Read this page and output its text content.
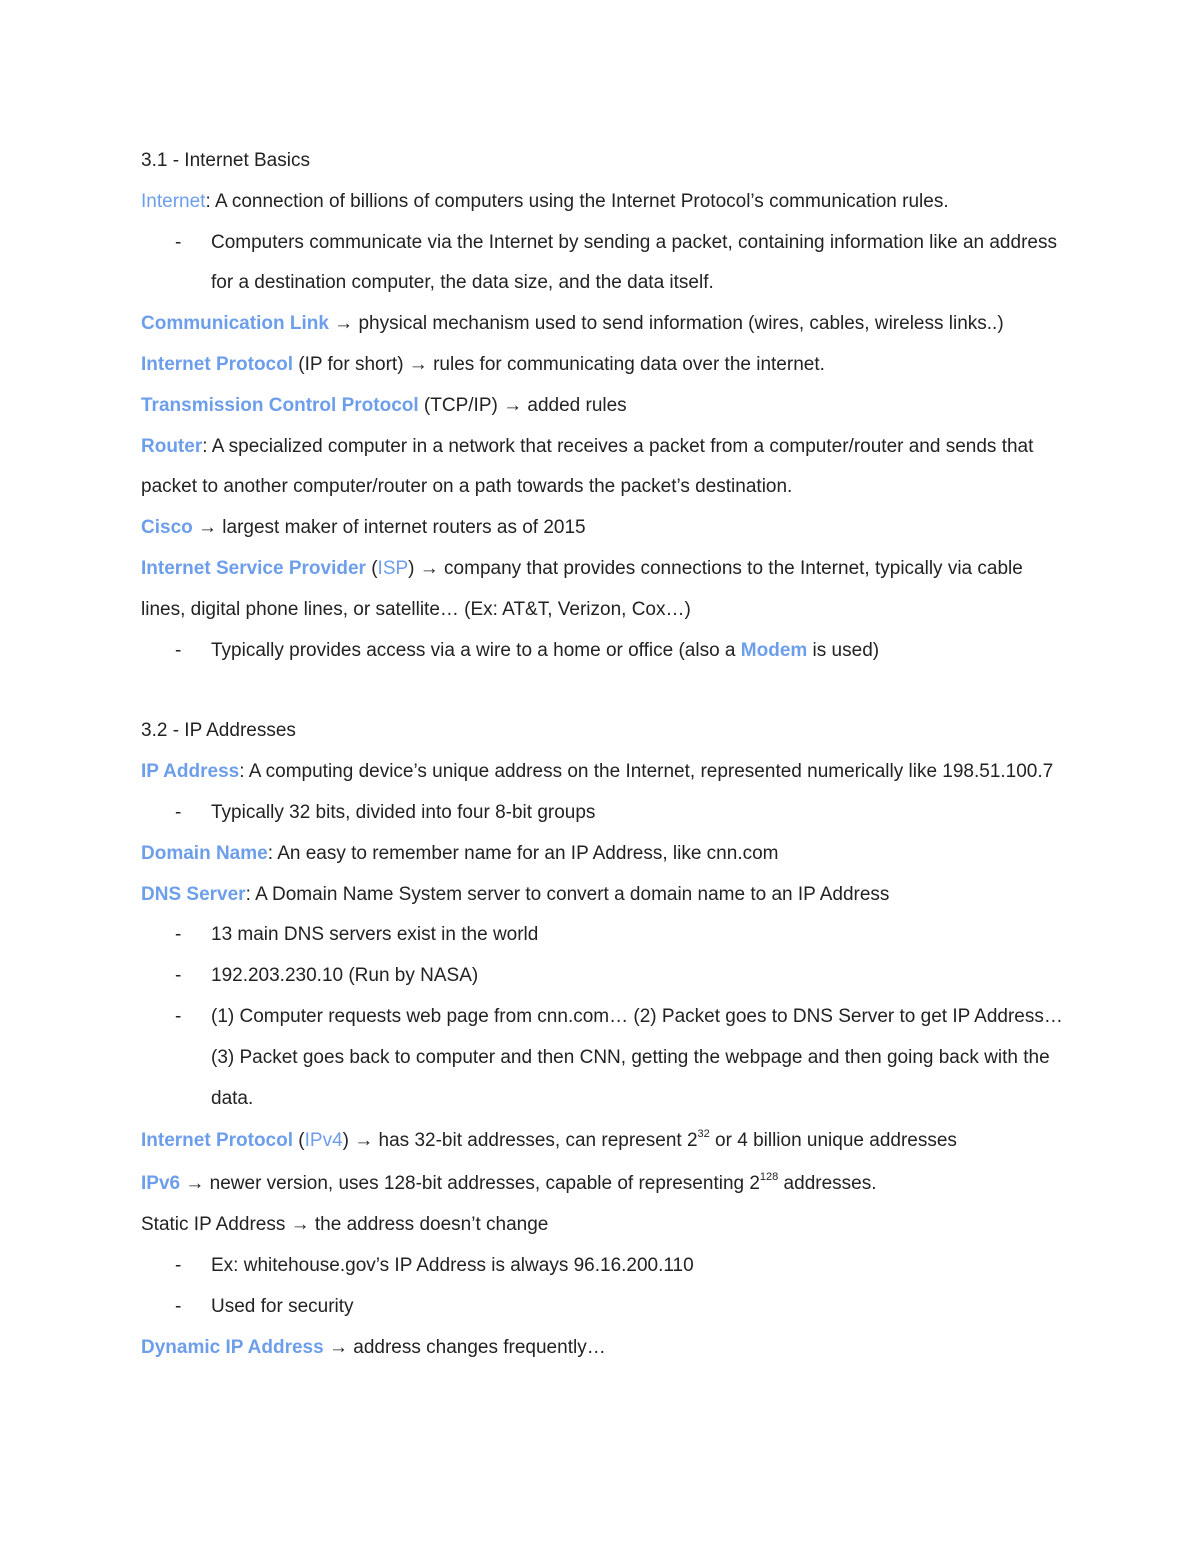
3.1 - Internet Basics
Internet: A connection of billions of computers using the Internet Protocol’s communication rules.
- Computers communicate via the Internet by sending a packet, containing information like an address for a destination computer, the data size, and the data itself.
Communication Link → physical mechanism used to send information (wires, cables, wireless links..)
Internet Protocol (IP for short) → rules for communicating data over the internet.
Transmission Control Protocol (TCP/IP) → added rules
Router: A specialized computer in a network that receives a packet from a computer/router and sends that packet to another computer/router on a path towards the packet’s destination.
Cisco → largest maker of internet routers as of 2015
Internet Service Provider (ISP) → company that provides connections to the Internet, typically via cable lines, digital phone lines, or satellite… (Ex: AT&T, Verizon, Cox…)
- Typically provides access via a wire to a home or office (also a Modem is used)
3.2 - IP Addresses
IP Address: A computing device’s unique address on the Internet, represented numerically like 198.51.100.7
- Typically 32 bits, divided into four 8-bit groups
Domain Name: An easy to remember name for an IP Address, like cnn.com
DNS Server: A Domain Name System server to convert a domain name to an IP Address
- 13 main DNS servers exist in the world
- 192.203.230.10 (Run by NASA)
- (1) Computer requests web page from cnn.com… (2) Packet goes to DNS Server to get IP Address… (3) Packet goes back to computer and then CNN, getting the webpage and then going back with the data.
Internet Protocol (IPv4) → has 32-bit addresses, can represent $2^{32}$ or 4 billion unique addresses
IPv6 → newer version, uses 128-bit addresses, capable of representing $2^{128}$ addresses.
Static IP Address → the address doesn’t change
- Ex: whitehouse.gov’s IP Address is always 96.16.200.110
- Used for security
Dynamic IP Address → address changes frequently…
